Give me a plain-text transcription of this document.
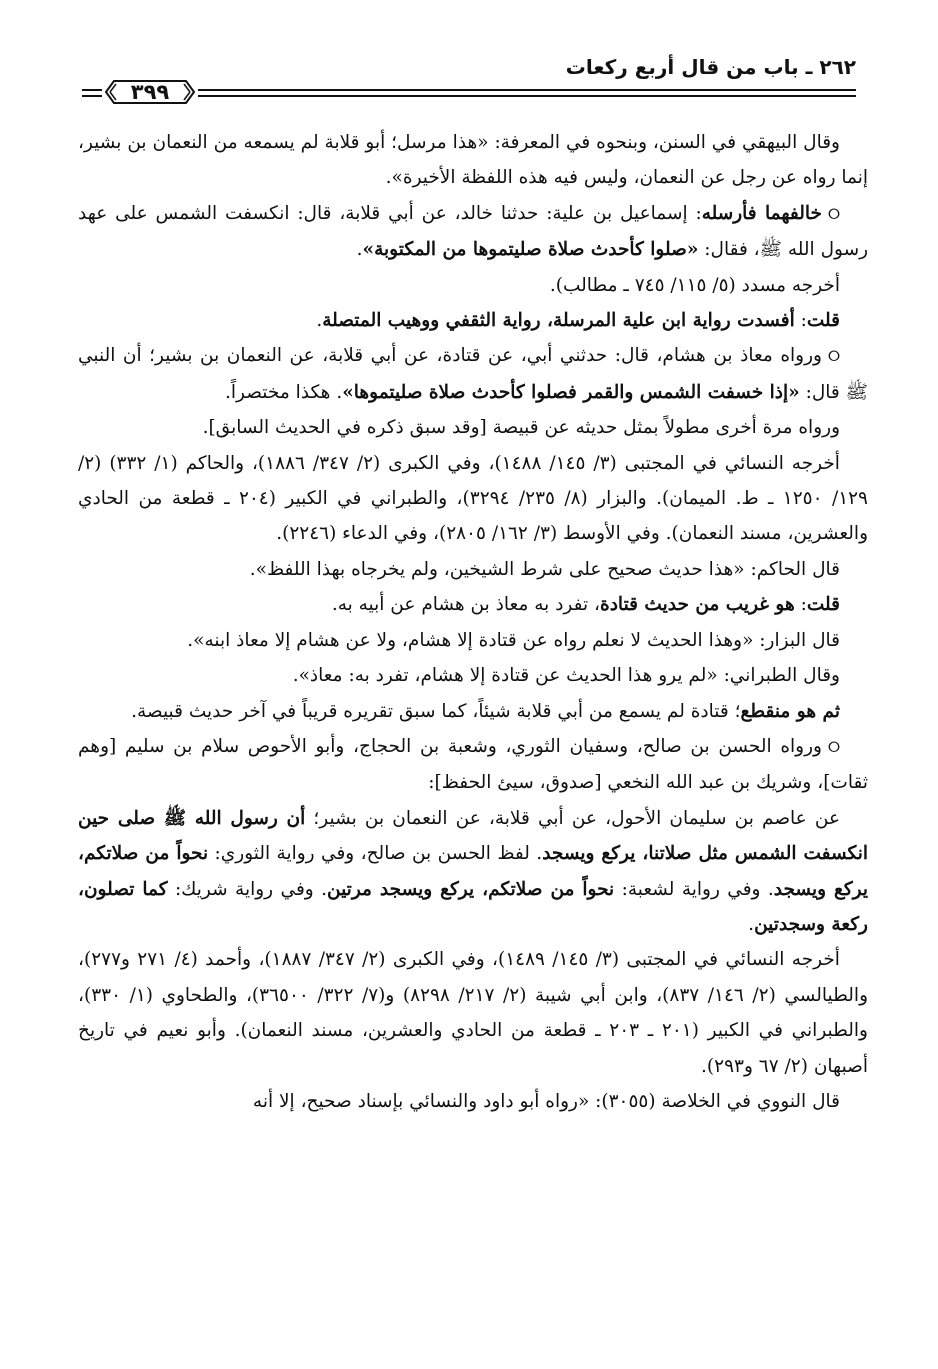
٢٦٢ ـ باب من قال أربع ركعات
٣٩٩

وقال البيهقي في السنن، وبنحوه في المعرفة: «هذا مرسل؛ أبو قلابة لم يسمعه من النعمان بن بشير، إنما رواه عن رجل عن النعمان، وليس فيه هذه اللفظة الأخيرة».

⭘خالفهما فأرسله: إسماعيل بن علية: حدثنا خالد، عن أبي قلابة، قال: انكسفت الشمس على عهد رسول الله ﷺ، فقال: «صلوا كأحدث صلاة صليتموها من المكتوبة».

أخرجه مسدد (٥/ ١١٥/ ٧٤٥ ـ مطالب).

قلت: أفسدت رواية ابن علية المرسلة، رواية الثقفي ووهيب المتصلة.

⭘ورواه معاذ بن هشام، قال: حدثني أبي، عن قتادة، عن أبي قلابة، عن النعمان بن بشير؛ أن النبي ﷺ قال: «إذا خسفت الشمس والقمر فصلوا كأحدث صلاة صليتموها». هكذا مختصراً.

ورواه مرة أخرى مطولاً بمثل حديثه عن قبيصة [وقد سبق ذكره في الحديث السابق].

أخرجه النسائي في المجتبى (٣/ ١٤٥/ ١٤٨٨)، وفي الكبرى (٢/ ٣٤٧/ ١٨٨٦)، والحاكم (١/ ٣٣٢) (٢/ ١٢٩/ ١٢٥٠ ـ ط. الميمان). والبزار (٨/ ٢٣٥/ ٣٢٩٤)، والطبراني في الكبير (٢٠٤ ـ قطعة من الحادي والعشرين، مسند النعمان). وفي الأوسط (٣/ ١٦٢/ ٢٨٠٥)، وفي الدعاء (٢٢٤٦).

قال الحاكم: «هذا حديث صحيح على شرط الشيخين، ولم يخرجاه بهذا اللفظ».

قلت: هو غريب من حديث قتادة، تفرد به معاذ بن هشام عن أبيه به.

قال البزار: «وهذا الحديث لا نعلم رواه عن قتادة إلا هشام، ولا عن هشام إلا معاذ ابنه».

وقال الطبراني: «لم يرو هذا الحديث عن قتادة إلا هشام، تفرد به: معاذ».

ثم هو منقطع؛ قتادة لم يسمع من أبي قلابة شيئاً، كما سبق تقريره قريباً في آخر حديث قبيصة.

⭘ورواه الحسن بن صالح، وسفيان الثوري، وشعبة بن الحجاج، وأبو الأحوص سلام بن سليم [وهم ثقات]، وشريك بن عبد الله النخعي [صدوق، سيئ الحفظ]:

عن عاصم بن سليمان الأحول، عن أبي قلابة، عن النعمان بن بشير؛ أن رسول الله ﷺ صلى حين انكسفت الشمس مثل صلاتنا، يركع ويسجد. لفظ الحسن بن صالح، وفي رواية الثوري: نحواً من صلاتكم، يركع ويسجد. وفي رواية لشعبة: نحواً من صلاتكم، يركع ويسجد مرتين. وفي رواية شريك: كما تصلون، ركعة وسجدتين.

أخرجه النسائي في المجتبى (٣/ ١٤٥/ ١٤٨٩)، وفي الكبرى (٢/ ٣٤٧/ ١٨٨٧)، وأحمد (٤/ ٢٧١ و٢٧٧)، والطيالسي (٢/ ١٤٦/ ٨٣٧)، وابن أبي شيبة (٢/ ٢١٧/ ٨٢٩٨) و(٧/ ٣٢٢/ ٣٦٥٠٠)، والطحاوي (١/ ٣٣٠)، والطبراني في الكبير (٢٠١ ـ ٢٠٣ ـ قطعة من الحادي والعشرين، مسند النعمان). وأبو نعيم في تاريخ أصبهان (٢/ ٦٧ و٢٩٣).

قال النووي في الخلاصة (٣٠٥٥): «رواه أبو داود والنسائي بإسناد صحيح، إلا أنه
